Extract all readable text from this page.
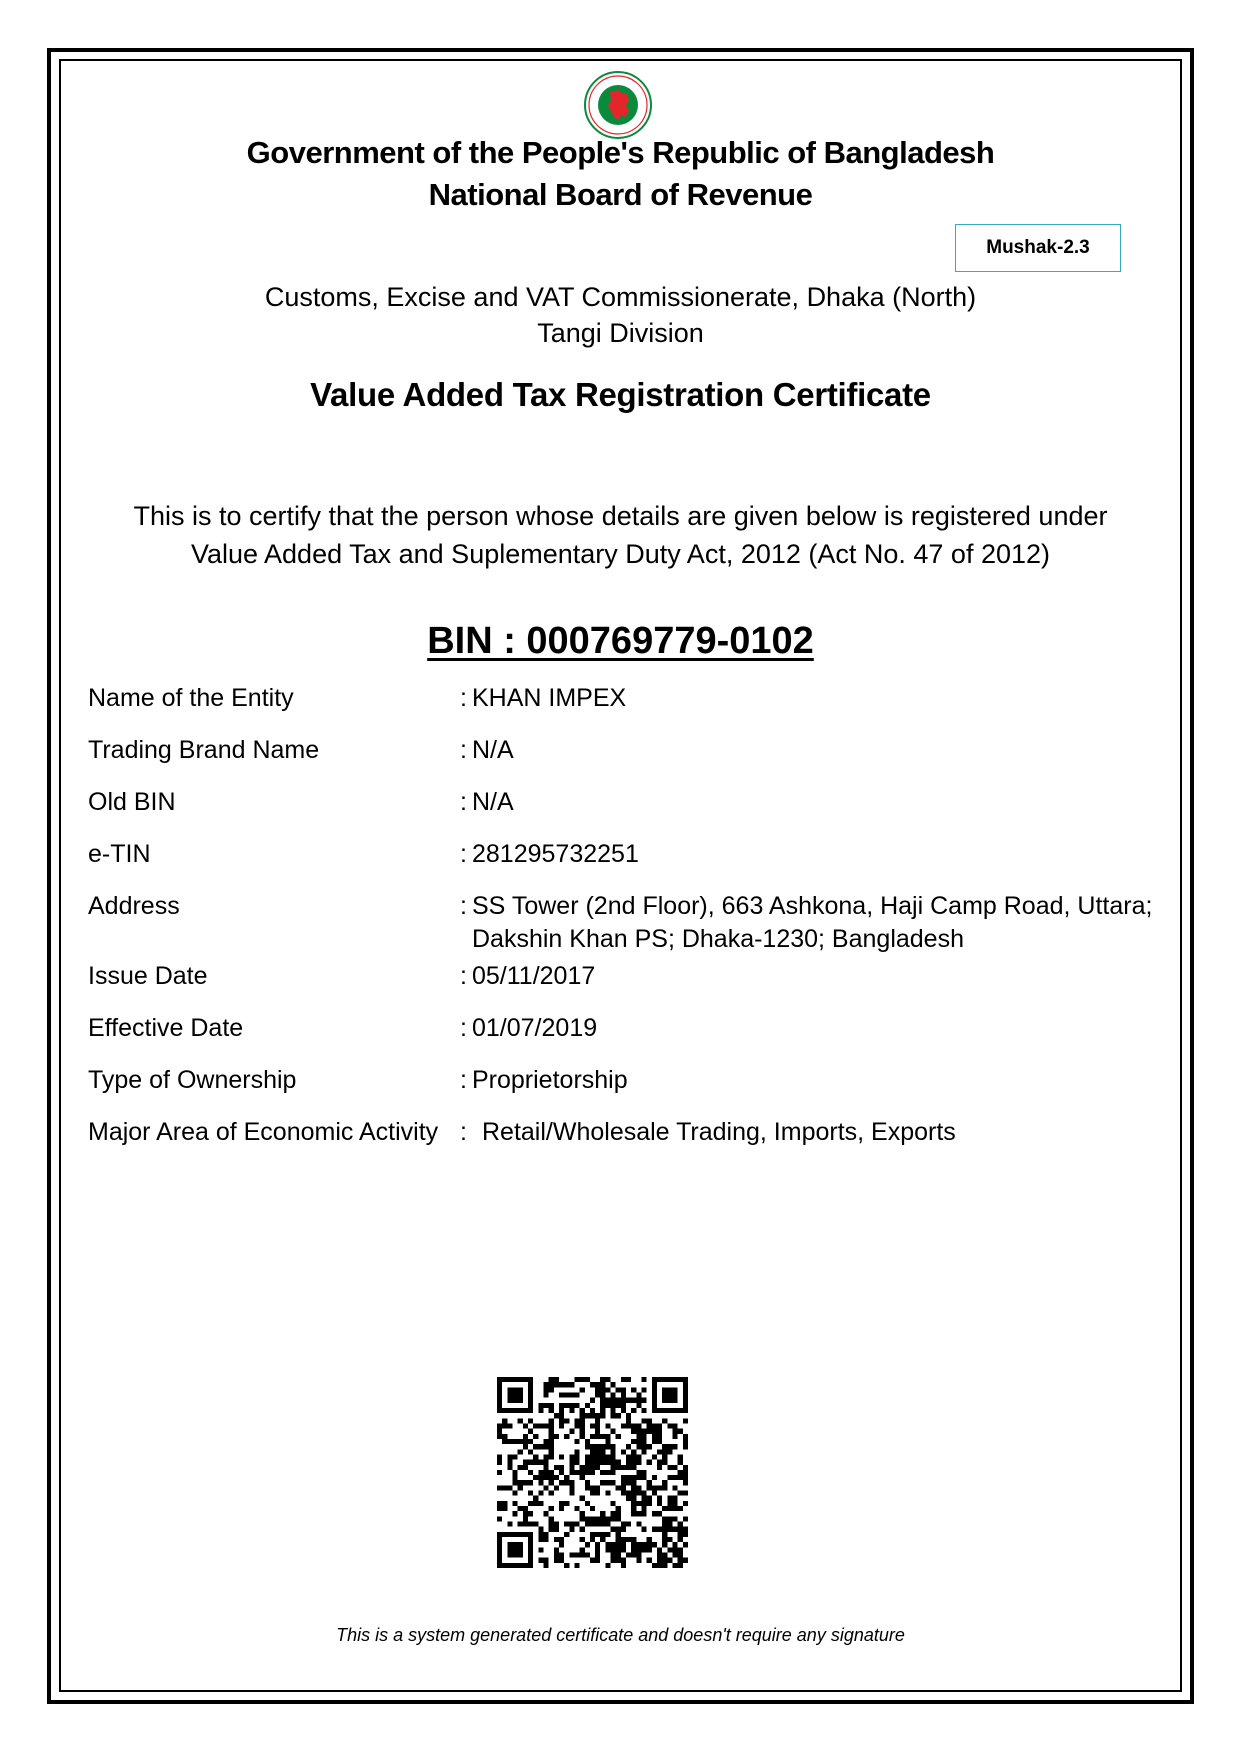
Government of the People's Republic of Bangladesh
National Board of Revenue
Mushak-2.3
Customs, Excise and VAT Commissionerate, Dhaka (North)
Tangi Division
Value Added Tax Registration Certificate
This is to certify that the person whose details are given below is registered under
Value Added Tax and Suplementary Duty Act, 2012 (Act No. 47 of 2012)
BIN : 000769779-0102
Name of the Entity	: KHAN IMPEX
Trading Brand Name	: N/A
Old BIN	: N/A
e-TIN	: 281295732251
Address	: SS Tower (2nd Floor), 663 Ashkona, Haji Camp Road, Uttara;
Dakshin Khan PS; Dhaka-1230; Bangladesh
Issue Date	: 05/11/2017
Effective Date	: 01/07/2019
Type of Ownership	: Proprietorship
Major Area of Economic Activity : Retail/Wholesale Trading, Imports, Exports
This is a system generated certificate and doesn't require any signature
